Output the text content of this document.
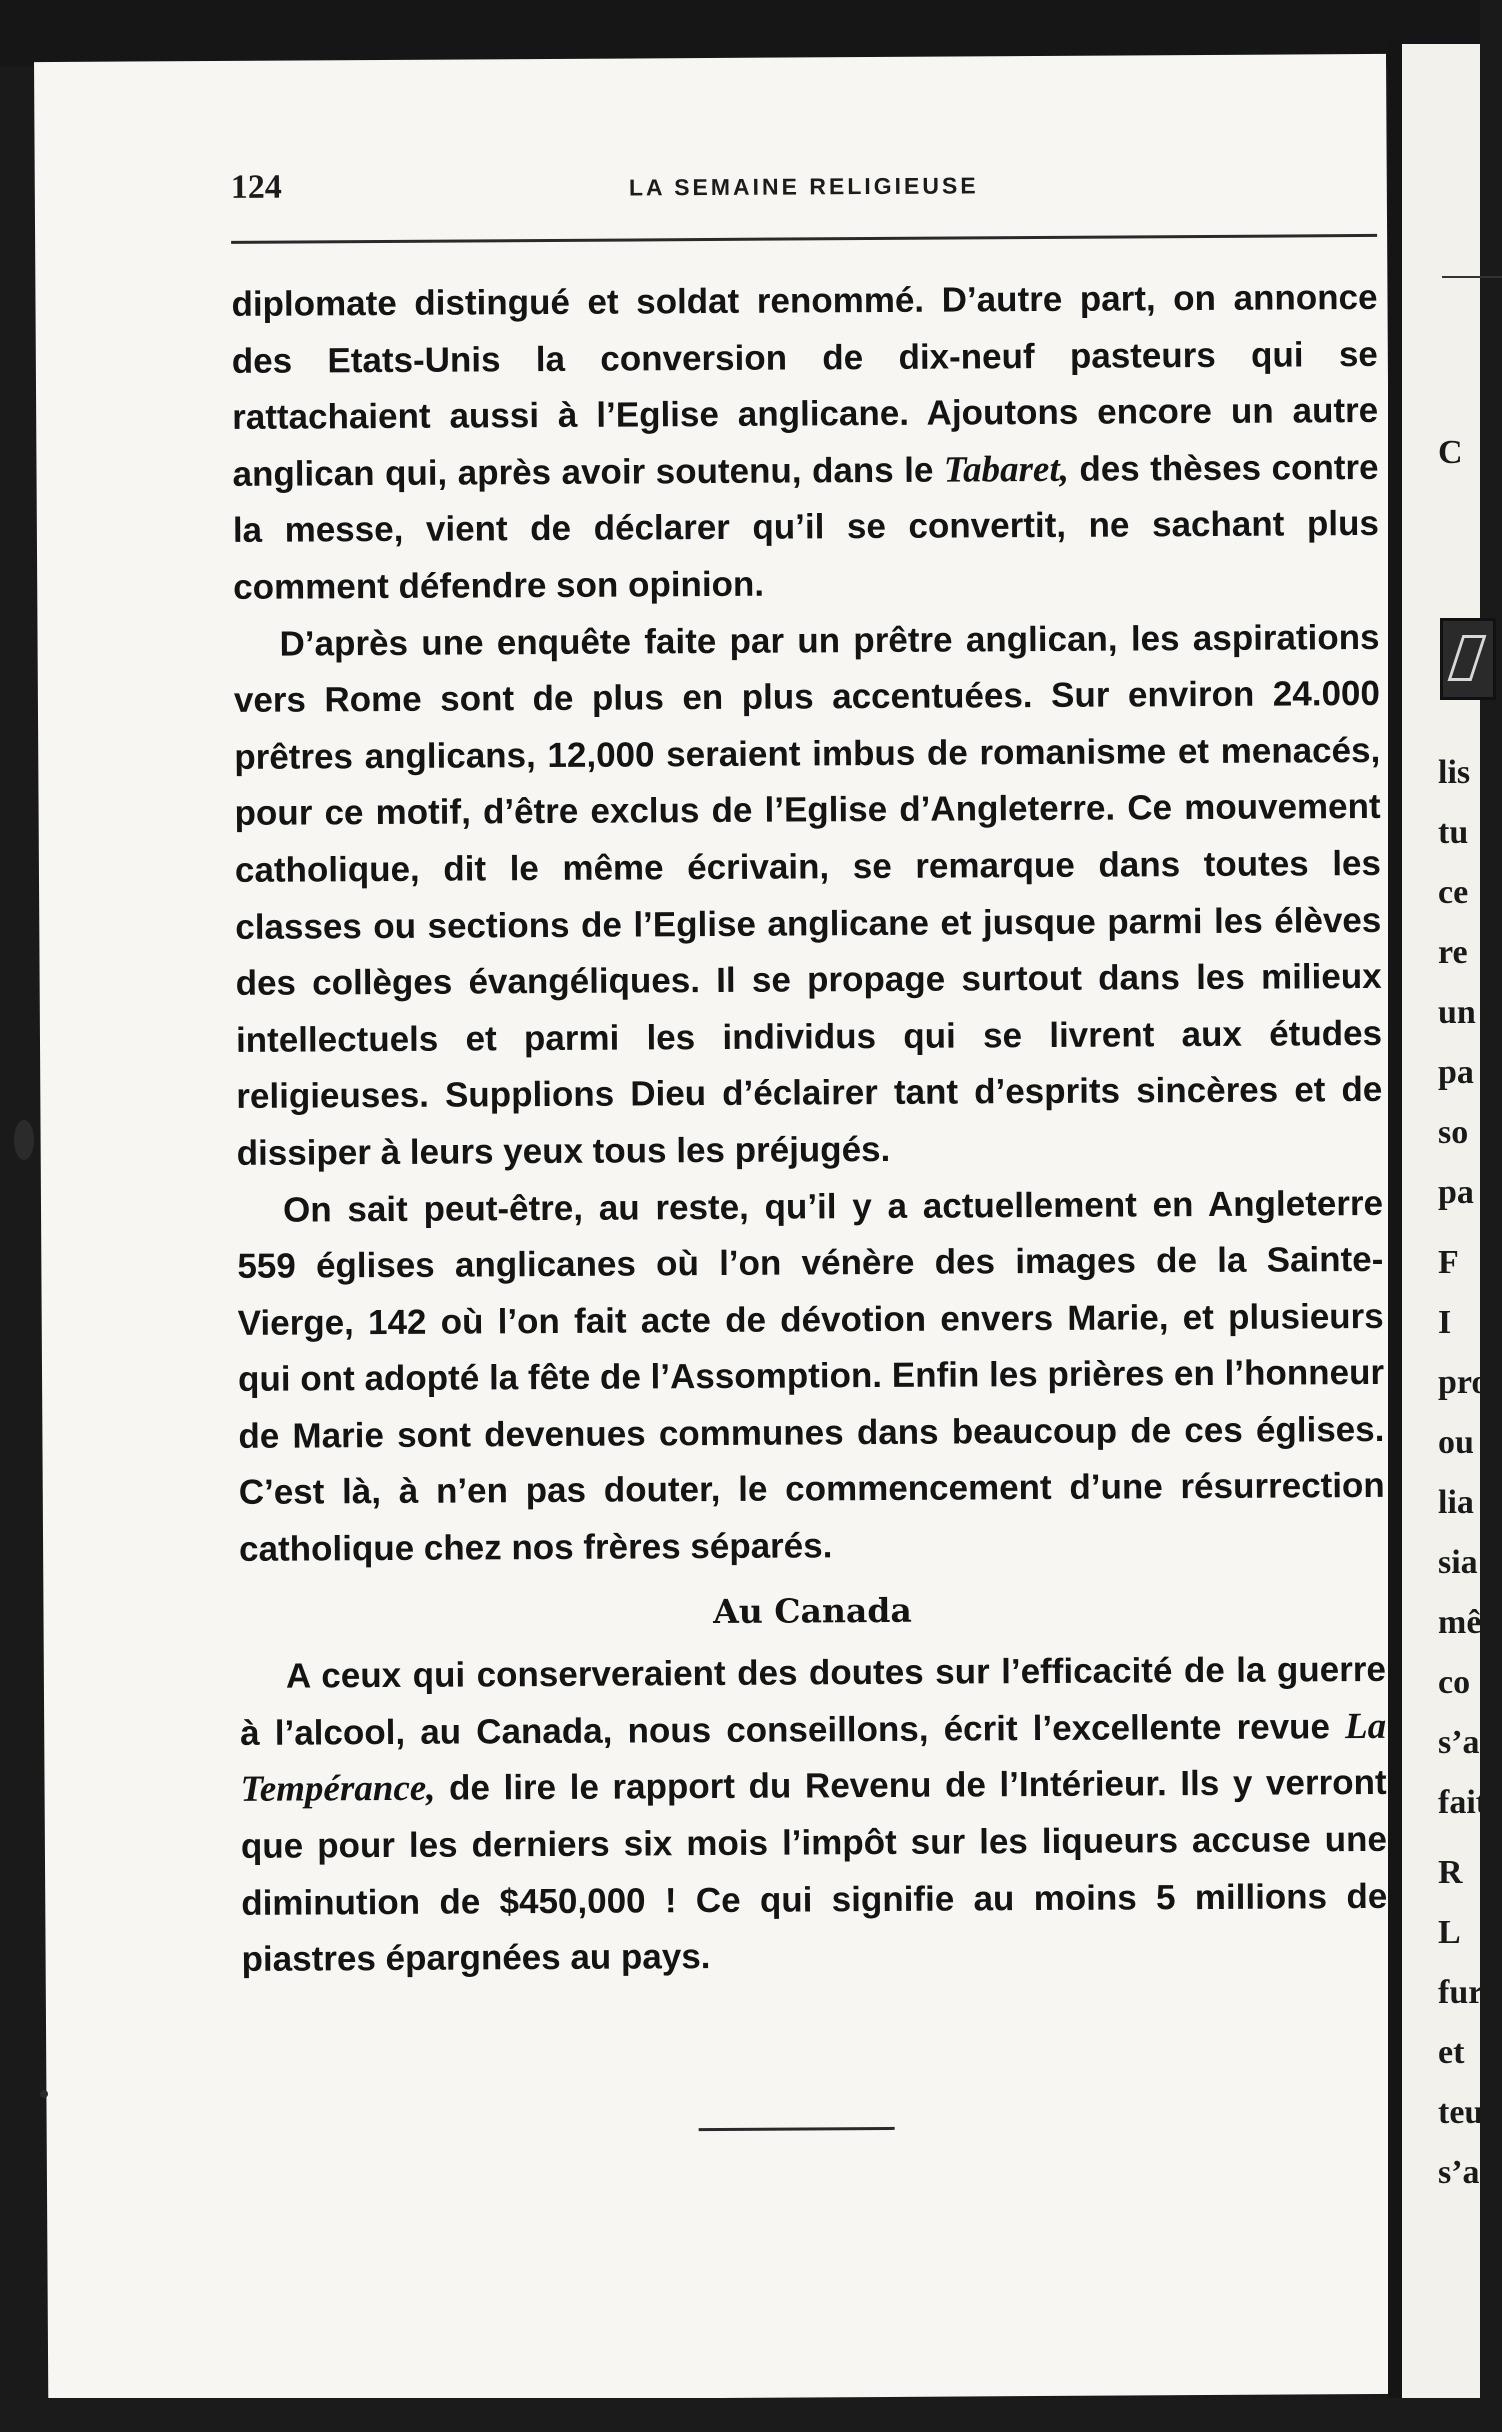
124	LA SEMAINE RELIGIEUSE

diplomate distingué et soldat renommé. D’autre part, on annonce des Etats-Unis la conversion de dix-neuf pasteurs qui se rattachaient aussi à l’Eglise anglicane. Ajoutons encore un autre anglican qui, après avoir soutenu, dans le Tabaret, des thèses contre la messe, vient de déclarer qu’il se convertit, ne sachant plus comment défendre son opinion.

D’après une enquête faite par un prêtre anglican, les aspirations vers Rome sont de plus en plus accentuées. Sur environ 24.000 prêtres anglicans, 12,000 seraient imbus de romanisme et menacés, pour ce motif, d’être exclus de l’Eglise d’Angleterre. Ce mouvement catholique, dit le même écrivain, se remarque dans toutes les classes ou sections de l’Eglise anglicane et jusque parmi les élèves des collèges évangéliques. Il se propage surtout dans les milieux intellectuels et parmi les individus qui se livrent aux études religieuses. Supplions Dieu d’éclairer tant d’esprits sincères et de dissiper à leurs yeux tous les préjugés.

On sait peut-être, au reste, qu’il y a actuellement en Angleterre 559 églises anglicanes où l’on vénère des images de la Sainte-Vierge, 142 où l’on fait acte de dévotion envers Marie, et plusieurs qui ont adopté la fête de l’Assomption. Enfin les prières en l’honneur de Marie sont devenues communes dans beaucoup de ces églises. C’est là, à n’en pas douter, le commencement d’une résurrection catholique chez nos frères séparés.

Au Canada

A ceux qui conserveraient des doutes sur l’efficacité de la guerre à l’alcool, au Canada, nous conseillons, écrit l’excellente revue La Tempérance, de lire le rapport du Revenu de l’Intérieur. Ils y verront que pour les derniers six mois l’impôt sur les liqueurs accuse une diminution de $450,000 ! Ce qui signifie au moins 5 millions de piastres épargnées au pays.

C
lis
tu
ce
re
un
pa
so
pa
F
I
pro
ou
lia
sia
mê
co
s’a
fait
R
L
fur
et
teu
s’a
